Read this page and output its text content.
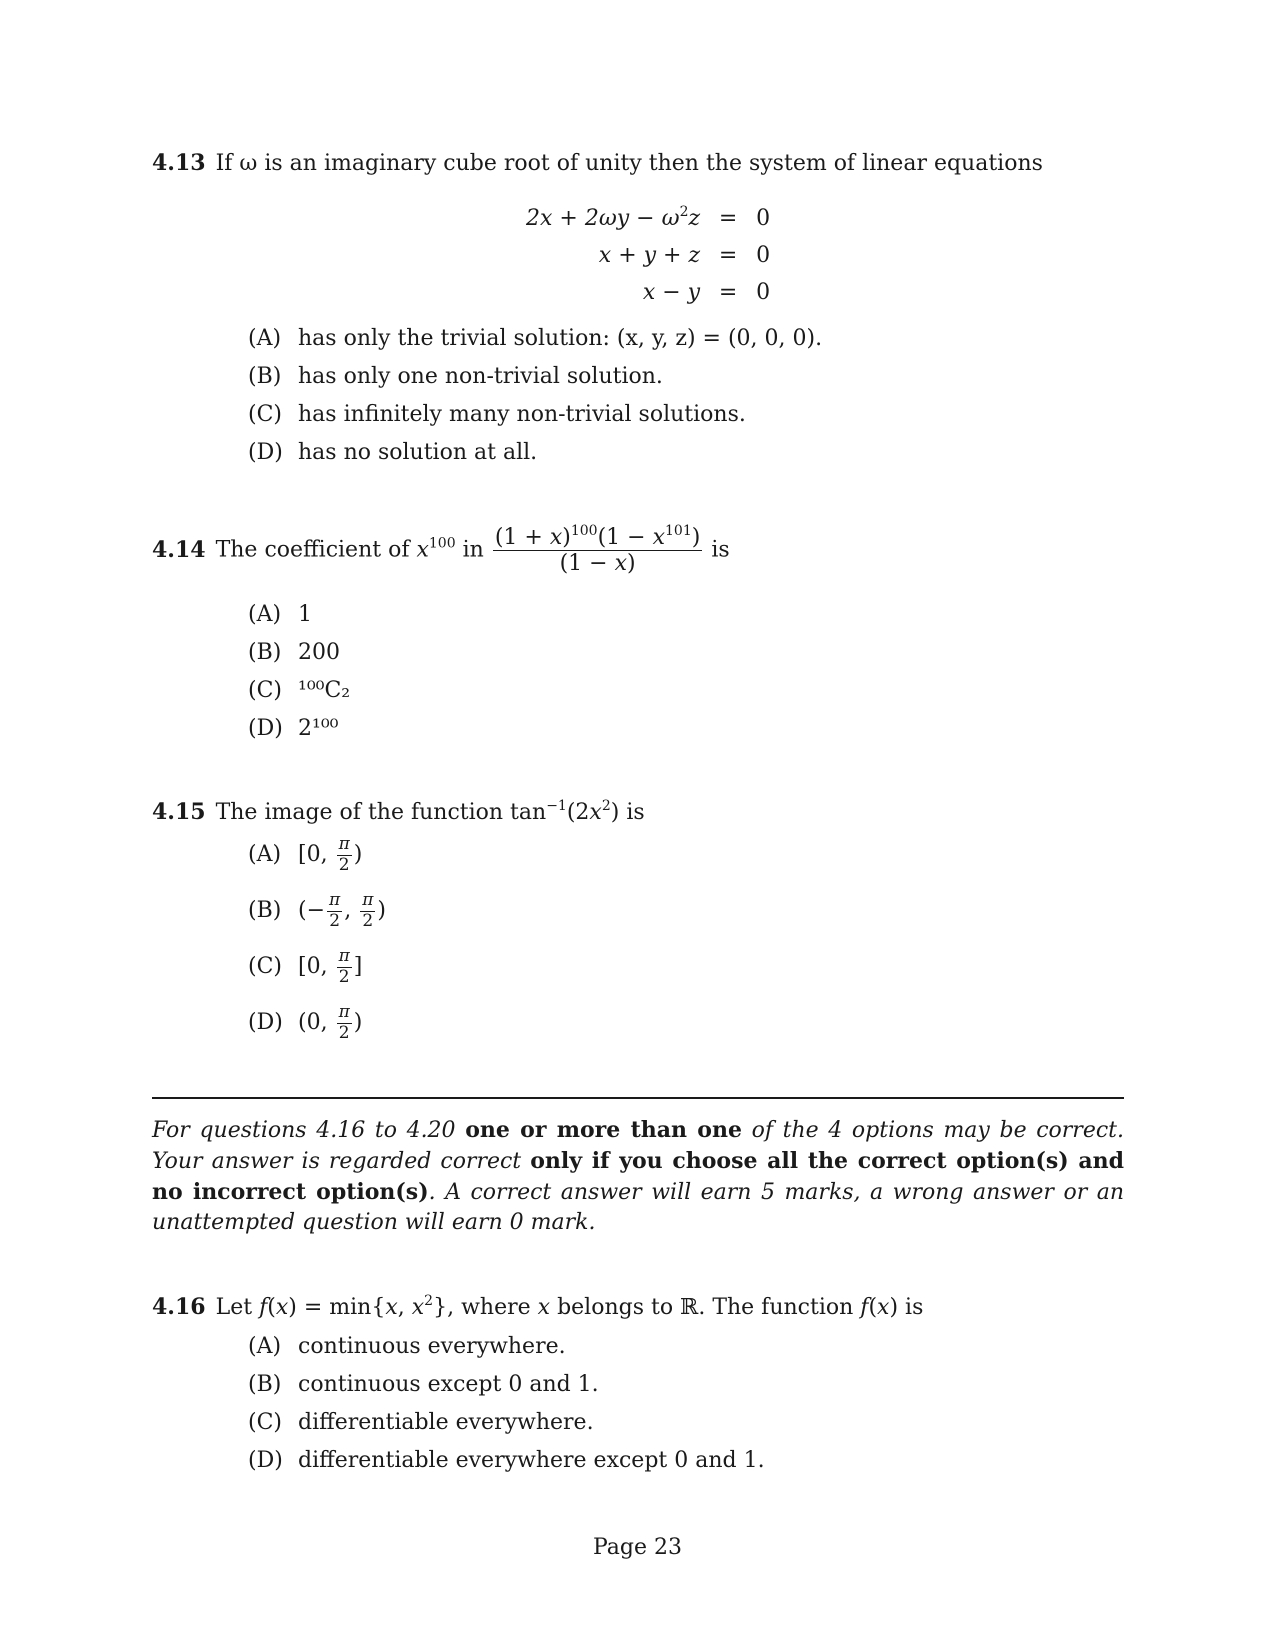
4.13 If ω is an imaginary cube root of unity then the system of linear equations
$2x + 2\omega y - \omega^2z$	=	0
x + y + z	=	0
x − y	=	0
(A) has only the trivial solution: (x, y, z) = (0, 0, 0).
(B) has only one non-trivial solution.
(C) has infinitely many non-trivial solutions.
(D) has no solution at all.
4.14 The coefficient of $x^{100}$ in $\frac{(1 + x)^{100}(1 - x^{101})}{(1 - x)}$ is
(A) 1
(B) 200
(C) ¹⁰⁰C₂
(D) 2¹⁰⁰
4.15 The image of the function $\tan^{-1}(2x^2)$ is
(A) [0, $\frac{\pi}{2}$ )
(B) (− $\frac{\pi}{2}$ , $\frac{\pi}{2}$ )
(C) [0, $\frac{\pi}{2}$ ]
(D) (0, $\frac{\pi}{2}$ )
For questions 4.16 to 4.20 one or more than one of the 4 options may be correct. Your answer is regarded correct only if you choose all the correct option(s) and no incorrect option(s). A correct answer will earn 5 marks, a wrong answer or an unattempted question will earn 0 mark.
4.16 Let f(x) = min{x, $x^2$}, where x belongs to ℝ. The function f(x) is
(A) continuous everywhere.
(B) continuous except 0 and 1.
(C) differentiable everywhere.
(D) differentiable everywhere except 0 and 1.
Page 23
